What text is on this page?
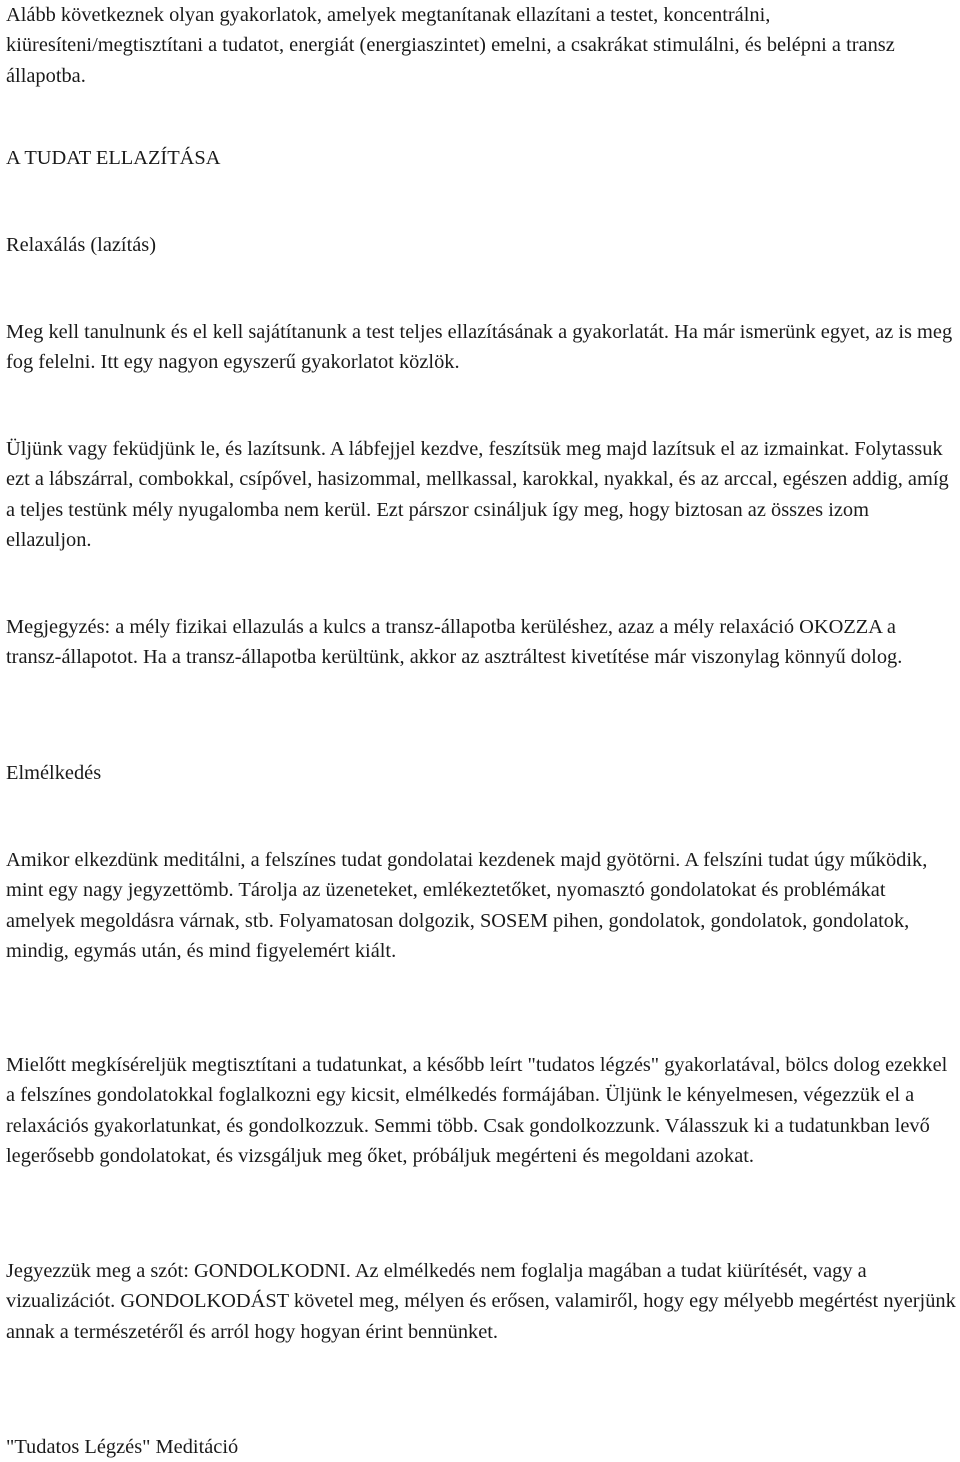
Alább következnek olyan gyakorlatok, amelyek megtanítanak ellazítani a testet, koncentrálni, kiüresíteni/megtisztítani a tudatot, energiát (energiaszintet) emelni, a csakrákat stimulálni, és belépni a transz állapotba.

A TUDAT ELLAZÍTÁSA

Relaxálás (lazítás)

Meg kell tanulnunk és el kell sajátítanunk a test teljes ellazításának a gyakorlatát. Ha már ismerünk egyet, az is meg fog felelni. Itt egy nagyon egyszerű gyakorlatot közlök.

Üljünk vagy feküdjünk le, és lazítsunk. A lábfejjel kezdve, feszítsük meg majd lazítsuk el az izmainkat. Folytassuk ezt a lábszárral, combokkal, csípővel, hasizommal, mellkassal, karokkal, nyakkal, és az arccal, egészen addig, amíg a teljes testünk mély nyugalomba nem kerül. Ezt párszor csináljuk így meg, hogy biztosan az összes izom ellazuljon.

Megjegyzés: a mély fizikai ellazulás a kulcs a transz-állapotba kerüléshez, azaz a mély relaxáció OKOZZA a transz-állapotot. Ha a transz-állapotba kerültünk, akkor az asztráltest kivetítése már viszonylag könnyű dolog.

Elmélkedés

Amikor elkezdünk meditálni, a felszínes tudat gondolatai kezdenek majd gyötörni. A felszíni tudat úgy működik, mint egy nagy jegyzettömb. Tárolja az üzeneteket, emlékeztetőket, nyomasztó gondolatokat és problémákat amelyek megoldásra várnak, stb. Folyamatosan dolgozik, SOSEM pihen, gondolatok, gondolatok, gondolatok, mindig, egymás után, és mind figyelemért kiált.

Mielőtt megkíséreljük megtisztítani a tudatunkat, a később leírt "tudatos légzés" gyakorlatával, bölcs dolog ezekkel a felszínes gondolatokkal foglalkozni egy kicsit, elmélkedés formájában. Üljünk le kényelmesen, végezzük el a relaxációs gyakorlatunkat, és gondolkozzuk. Semmi több. Csak gondolkozzunk. Válasszuk ki a tudatunkban levő legerősebb gondolatokat, és vizsgáljuk meg őket, próbáljuk megérteni és megoldani azokat.

Jegyezzük meg a szót: GONDOLKODNI. Az elmélkedés nem foglalja magában a tudat kiürítését, vagy a vizualizációt. GONDOLKODÁST követel meg, mélyen és erősen, valamiről, hogy egy mélyebb megértést nyerjünk annak a természetéről és arról hogy hogyan érint bennünket.

"Tudatos Légzés" Meditáció
